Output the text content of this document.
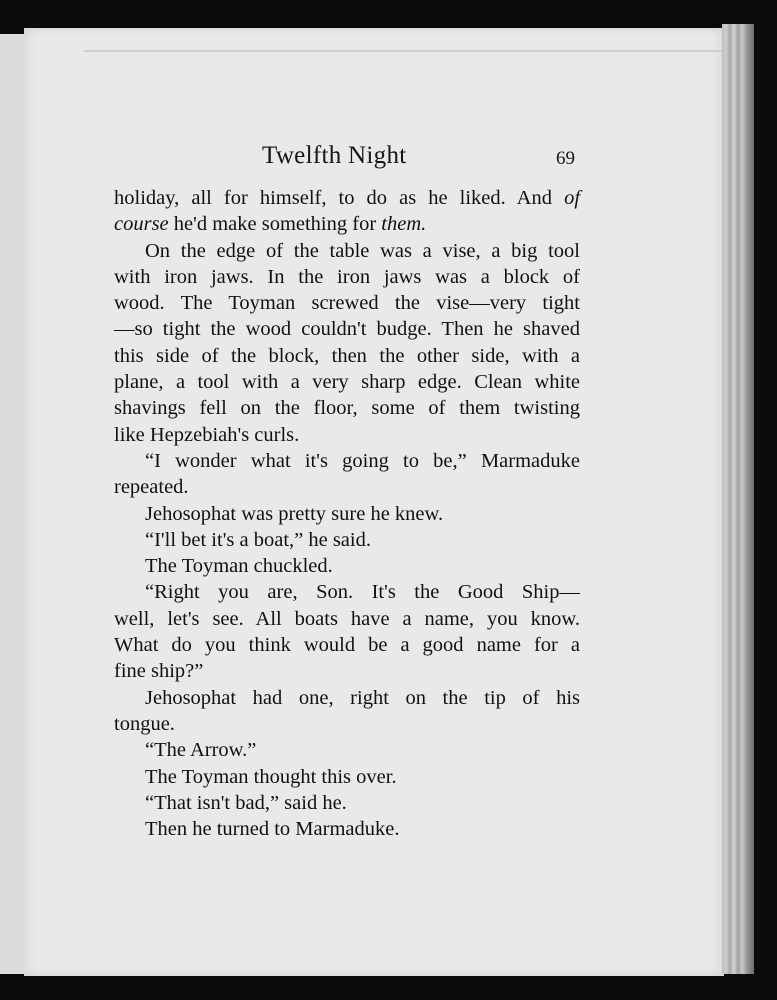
Twelfth Night	69
holiday, all for himself, to do as he liked. And of
course he'd make something for them.
On the edge of the table was a vise, a big tool
with iron jaws. In the iron jaws was a block of
wood. The Toyman screwed the vise—very tight
—so tight the wood couldn't budge. Then he shaved
this side of the block, then the other side, with a
plane, a tool with a very sharp edge. Clean white
shavings fell on the floor, some of them twisting
like Hepzebiah's curls.
“I wonder what it's going to be,” Marmaduke
repeated.
Jehosophat was pretty sure he knew.
“I'll bet it's a boat,” he said.
The Toyman chuckled.
“Right you are, Son. It's the Good Ship—
well, let's see. All boats have a name, you know.
What do you think would be a good name for a
fine ship?”
Jehosophat had one, right on the tip of his
tongue.
“The Arrow.”
The Toyman thought this over.
“That isn't bad,” said he.
Then he turned to Marmaduke.
